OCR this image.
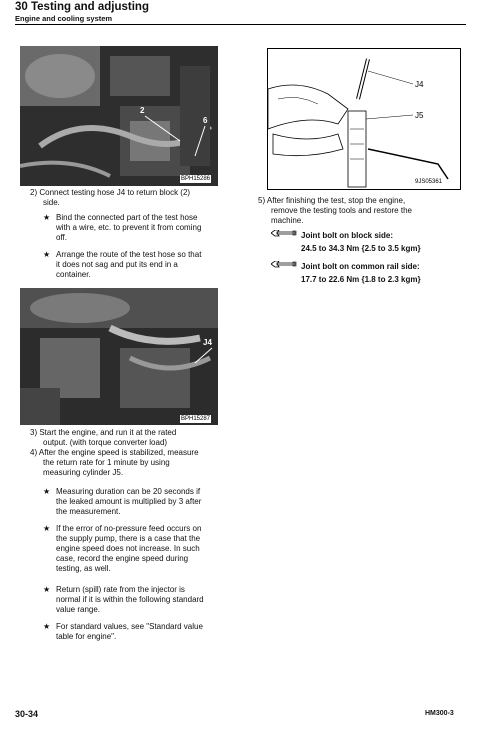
30 Testing and adjusting
Engine and cooling system
2
6
BPH15286
2) Connect testing hose J4 to return block (2)
side.
★ Bind the connected part of the test hose
with a wire, etc. to prevent it from coming
off.
★ Arrange the route of the test hose so that
it does not sag and put its end in a
container.
J4
BPH15287
3) Start the engine, and run it at the rated
output. (with torque converter load)
4) After the engine speed is stabilized, measure
the return rate for 1 minute by using
measuring cylinder J5.
★ Measuring duration can be 20 seconds if
the leaked amount is multiplied by 3 after
the measurement.
★ If the error of no-pressure feed occurs on
the supply pump, there is a case that the
engine speed does not increase. In such
case, record the engine speed during
testing, as well.
★ Return (spill) rate from the injector is
normal if it is within the following standard
value range.
★ For standard values, see "Standard value
table for engine".
J4
J5
9JS05361
5) After finishing the test, stop the engine,
remove the testing tools and restore the
machine.
Joint bolt on block side:
24.5 to 34.3 Nm {2.5 to 3.5 kgm}
Joint bolt on common rail side:
17.7 to 22.6 Nm {1.8 to 2.3 kgm}
30-34	HM300-3
